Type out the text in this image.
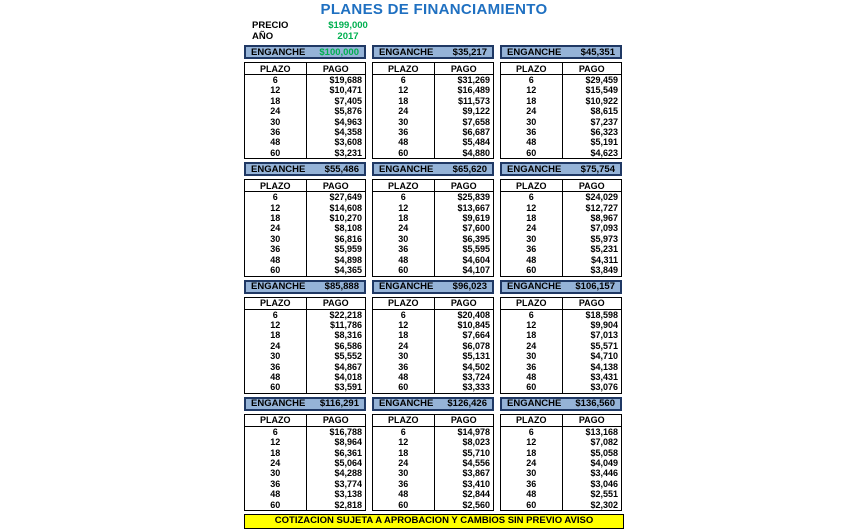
PLANES DE FINANCIAMIENTO
PRECIO	$199,000
AÑO	2017
ENGANCHE $100,000
PLAZO	PAGO
6	$19,688
12	$10,471
18	$7,405
24	$5,876
30	$4,963
36	$4,358
48	$3,608
60	$3,231
ENGANCHE $35,217
PLAZO	PAGO
6	$31,269
12	$16,489
18	$11,573
24	$9,122
30	$7,658
36	$6,687
48	$5,484
60	$4,880
ENGANCHE $45,351
PLAZO	PAGO
6	$29,459
12	$15,549
18	$10,922
24	$8,615
30	$7,237
36	$6,323
48	$5,191
60	$4,623
ENGANCHE $55,486
PLAZO	PAGO
6	$27,649
12	$14,608
18	$10,270
24	$8,108
30	$6,816
36	$5,959
48	$4,898
60	$4,365
ENGANCHE $65,620
PLAZO	PAGO
6	$25,839
12	$13,667
18	$9,619
24	$7,600
30	$6,395
36	$5,595
48	$4,604
60	$4,107
ENGANCHE $75,754
PLAZO	PAGO
6	$24,029
12	$12,727
18	$8,967
24	$7,093
30	$5,973
36	$5,231
48	$4,311
60	$3,849
ENGANCHE $85,888
PLAZO	PAGO
6	$22,218
12	$11,786
18	$8,316
24	$6,586
30	$5,552
36	$4,867
48	$4,018
60	$3,591
ENGANCHE $96,023
PLAZO	PAGO
6	$20,408
12	$10,845
18	$7,664
24	$6,078
30	$5,131
36	$4,502
48	$3,724
60	$3,333
ENGANCHE $106,157
PLAZO	PAGO
6	$18,598
12	$9,904
18	$7,013
24	$5,571
30	$4,710
36	$4,138
48	$3,431
60	$3,076
ENGANCHE $116,291
PLAZO	PAGO
6	$16,788
12	$8,964
18	$6,361
24	$5,064
30	$4,288
36	$3,774
48	$3,138
60	$2,818
ENGANCHE $126,426
PLAZO	PAGO
6	$14,978
12	$8,023
18	$5,710
24	$4,556
30	$3,867
36	$3,410
48	$2,844
60	$2,560
ENGANCHE $136,560
PLAZO	PAGO
6	$13,168
12	$7,082
18	$5,058
24	$4,049
30	$3,446
36	$3,046
48	$2,551
60	$2,302
COTIZACION SUJETA A APROBACION Y CAMBIOS SIN PREVIO AVISO
